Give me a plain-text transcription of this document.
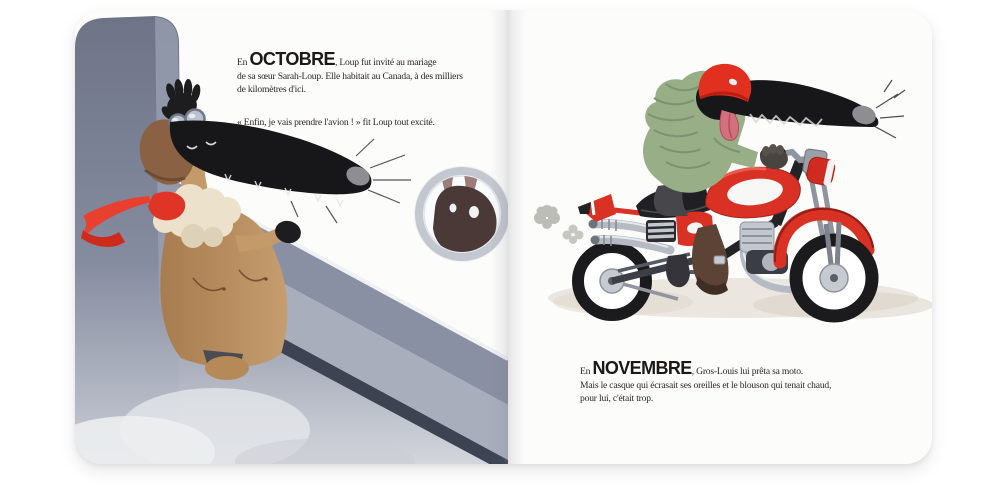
En OCTOBRE, Loup fut invité au mariage
de sa sœur Sarah-Loup. Elle habitait au Canada, à des milliers
de kilomètres d'ici.

« Enfin, je vais prendre l'avion ! » fit Loup tout excité.

En NOVEMBRE, Gros-Louis lui prêta sa moto.
Mais le casque qui écrasait ses oreilles et le blouson qui tenait chaud,
pour lui, c'était trop.
